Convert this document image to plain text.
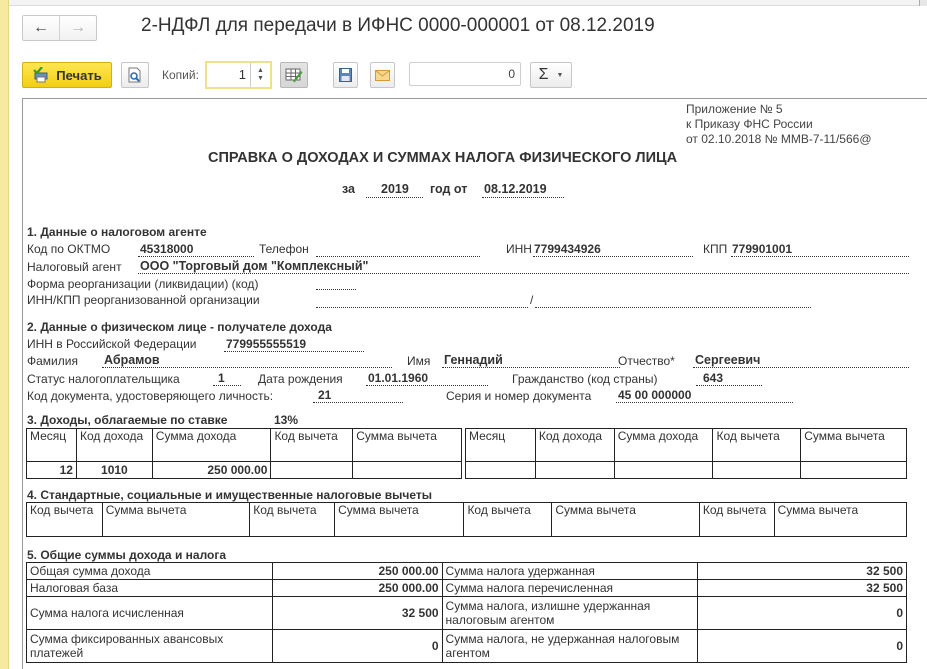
← →	2-НДФЛ для передачи в ИФНС 0000-000001 от 08.12.2019
Печать	Копий:	1	▲
▼	0	Σ ▼
Приложение № 5
к Приказу ФНС России
от 02.10.2018 № ММВ-7-11/566@
СПРАВКА О ДОХОДАХ И СУММАХ НАЛОГА ФИЗИЧЕСКОГО ЛИЦА
за 2019 год от 08.12.2019
1. Данные о налоговом агенте
Код по ОКТМО 45318000	Телефон	ИНН 7799434926	КПП 779901001
Налоговый агент ООО "Торговый дом "Комплексный"
Форма реорганизации (ликвидации) (код)
ИНН/КПП реорганизованной организации	/
2. Данные о физическом лице - получателе дохода
ИНН в Российской Федерации 779955555519
Фамилия Абрамов	Имя Геннадий	Отчество* Сергеевич
Статус налогоплательщика	1	Дата рождения 01.01.1960	Гражданство (код страны)	643
Код документа, удостоверяющего личность:	21	Серия и номер документа 45 00 000000
3. Доходы, облагаемые по ставке	13%
Месяц	Код дохода	Сумма дохода	Код вычета	Сумма вычета
12	1010	250 000.00		
Месяц	Код дохода	Сумма дохода	Код вычета	Сумма вычета

4. Стандартные, социальные и имущественные налоговые вычеты
Код вычета	Сумма вычета	Код вычета	Сумма вычета	Код вычета	Сумма вычета	Код вычета	Сумма вычета
5. Общие суммы дохода и налога
Общая сумма дохода	250 000.00	Сумма налога удержанная	32 500
Налоговая база	250 000.00	Сумма налога перечисленная	32 500
Сумма налога исчисленная	32 500	Сумма налога, излишне удержанная налоговым агентом	0
Сумма фиксированных авансовых платежей	0	Сумма налога, не удержанная налоговым агентом	0
